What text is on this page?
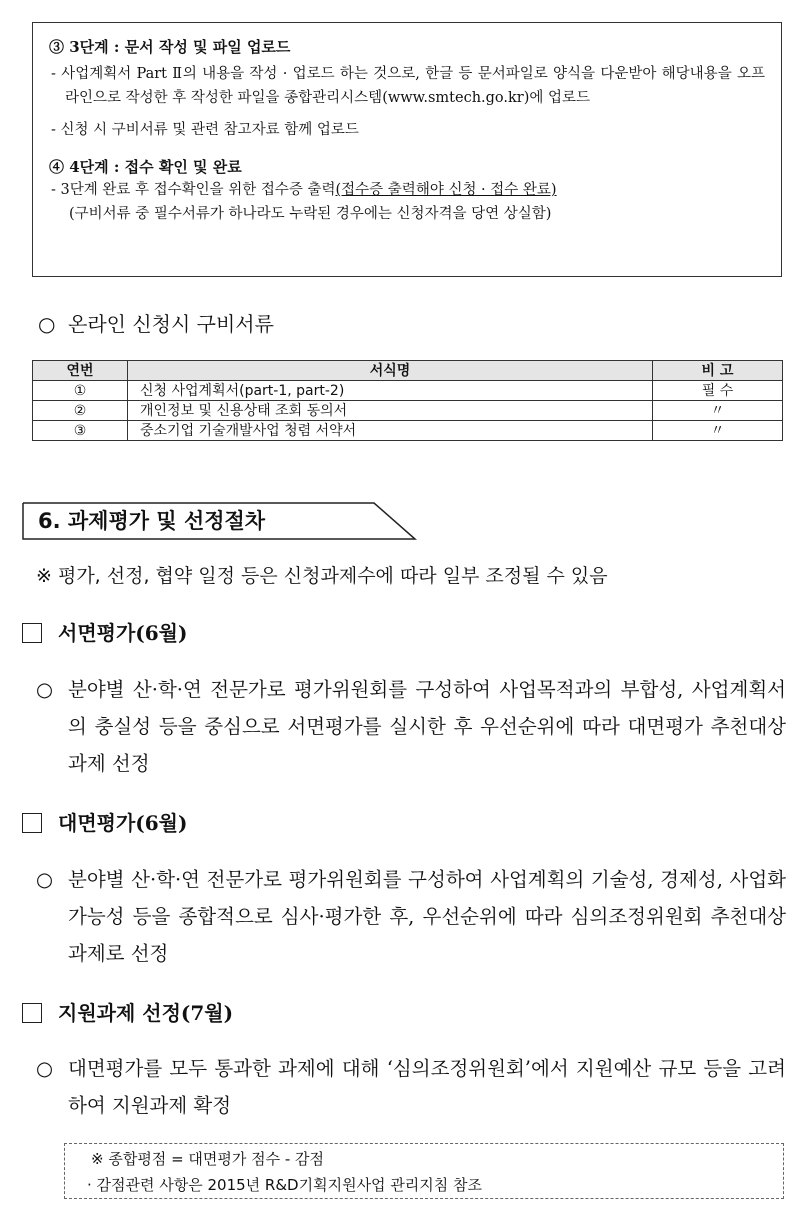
③ 3단계 : 문서 작성 및 파일 업로드
- 사업계획서 Part Ⅱ의 내용을 작성 · 업로드 하는 것으로, 한글 등 문서파일로 양식을 다운받아 해당내용을 오프라인으로 작성한 후 작성한 파일을 종합관리시스템(www.smtech.go.kr)에 업로드
- 신청 시 구비서류 및 관련 참고자료 함께 업로드
④ 4단계 : 접수 확인 및 완료
- 3단계 완료 후 접수확인을 위한 접수증 출력(접수증 출력해야 신청 · 접수 완료)
(구비서류 중 필수서류가 하나라도 누락된 경우에는 신청자격을 당연 상실함)
○ 온라인 신청시 구비서류
연번	서식명	비 고
①	신청 사업계획서(part-1, part-2)	필 수
②	개인정보 및 신용상태 조회 동의서	〃
③	중소기업 기술개발사업 청렴 서약서	〃
6. 과제평가 및 선정절차
※ 평가, 선정, 협약 일정 등은 신청과제수에 따라 일부 조정될 수 있음
서면평가(6월)
○ 분야별 산·학·연 전문가로 평가위원회를 구성하여 사업목적과의 부합성, 사업계획서의 충실성 등을 중심으로 서면평가를 실시한 후 우선순위에 따라 대면평가 추천대상과제 선정
대면평가(6월)
○ 분야별 산·학·연 전문가로 평가위원회를 구성하여 사업계획의 기술성, 경제성, 사업화 가능성 등을 종합적으로 심사·평가한 후, 우선순위에 따라 심의조정위원회 추천대상과제로 선정
지원과제 선정(7월)
○ 대면평가를 모두 통과한 과제에 대해 ‘심의조정위원회’에서 지원예산 규모 등을 고려하여 지원과제 확정
※ 종합평점 = 대면평가 점수 - 감점
· 감점관련 사항은 2015년 R&D기획지원사업 관리지침 참조
